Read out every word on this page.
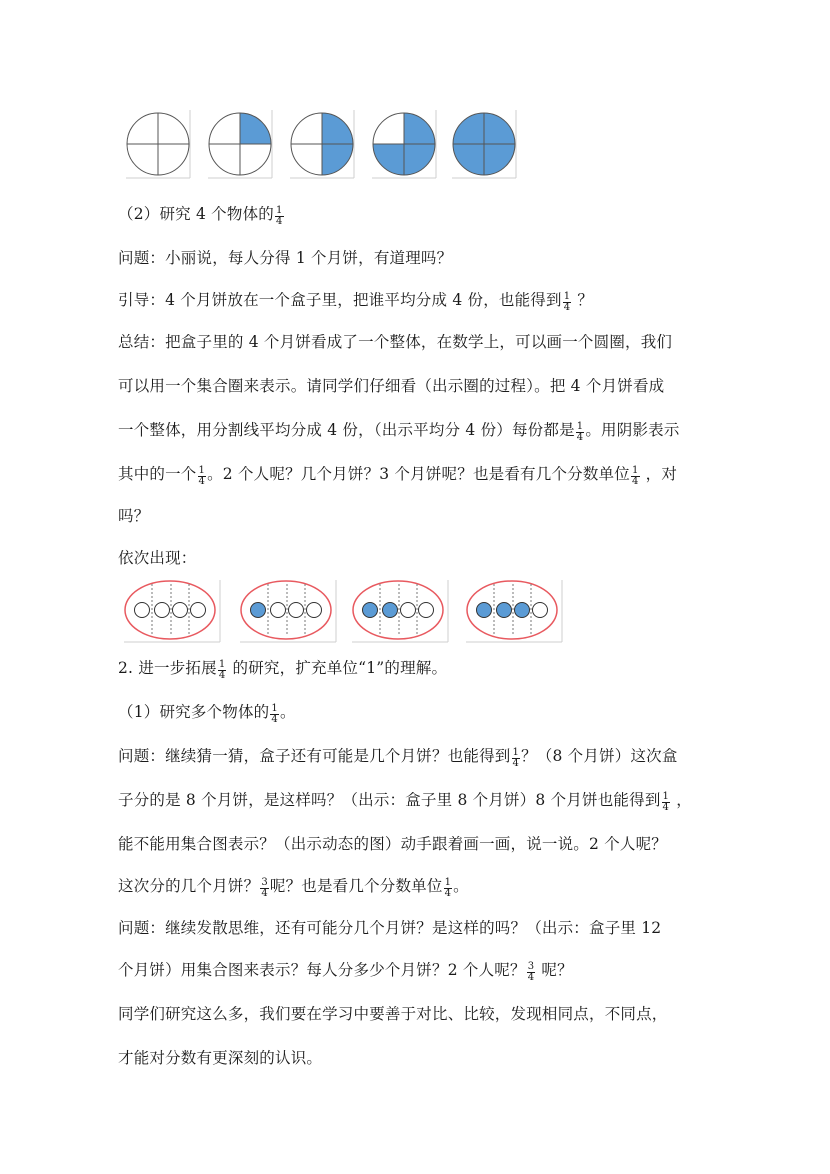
（2）研究 4 个物体的 $\frac{1}{4}$
问题：小丽说，每人分得 1 个月饼，有道理吗？
引导：4 个月饼放在一个盒子里，把谁平均分成 4 份，也能得到 $\frac{1}{4}$ ？
总结：把盒子里的 4 个月饼看成了一个整体，在数学上，可以画一个圆圈，我们
可以用一个集合圈来表示。请同学们仔细看（出示圈的过程）。把 4 个月饼看成
一个整体，用分割线平均分成 4 份，（出示平均分 4 份）每份都是 $\frac{1}{4}$ 。用阴影表示
其中的一个 $\frac{1}{4}$ 。2 个人呢？几个月饼？3 个月饼呢？也是看有几个分数单位 $\frac{1}{4}$ ，对
吗？
依次出现：
2. 进一步拓展 $\frac{1}{4}$ 的研究，扩充单位“1”的理解。
（1）研究多个物体的 $\frac{1}{4}$ 。
问题：继续猜一猜，盒子还有可能是几个月饼？也能得到 $\frac{1}{4}$ ？（8 个月饼）这次盒
子分的是 8 个月饼，是这样吗？（出示：盒子里 8 个月饼）8 个月饼也能得到 $\frac{1}{4}$ ，
能不能用集合图表示？（出示动态的图）动手跟着画一画，说一说。2 个人呢？
这次分的几个月饼？ $\frac{3}{4}$ 呢？也是看几个分数单位 $\frac{1}{4}$ 。
问题：继续发散思维，还有可能分几个月饼？是这样的吗？（出示：盒子里 12
个月饼）用集合图来表示？每人分多少个月饼？2 个人呢？ $\frac{3}{4}$ 呢？
同学们研究这么多，我们要在学习中要善于对比、比较，发现相同点，不同点，
才能对分数有更深刻的认识。
